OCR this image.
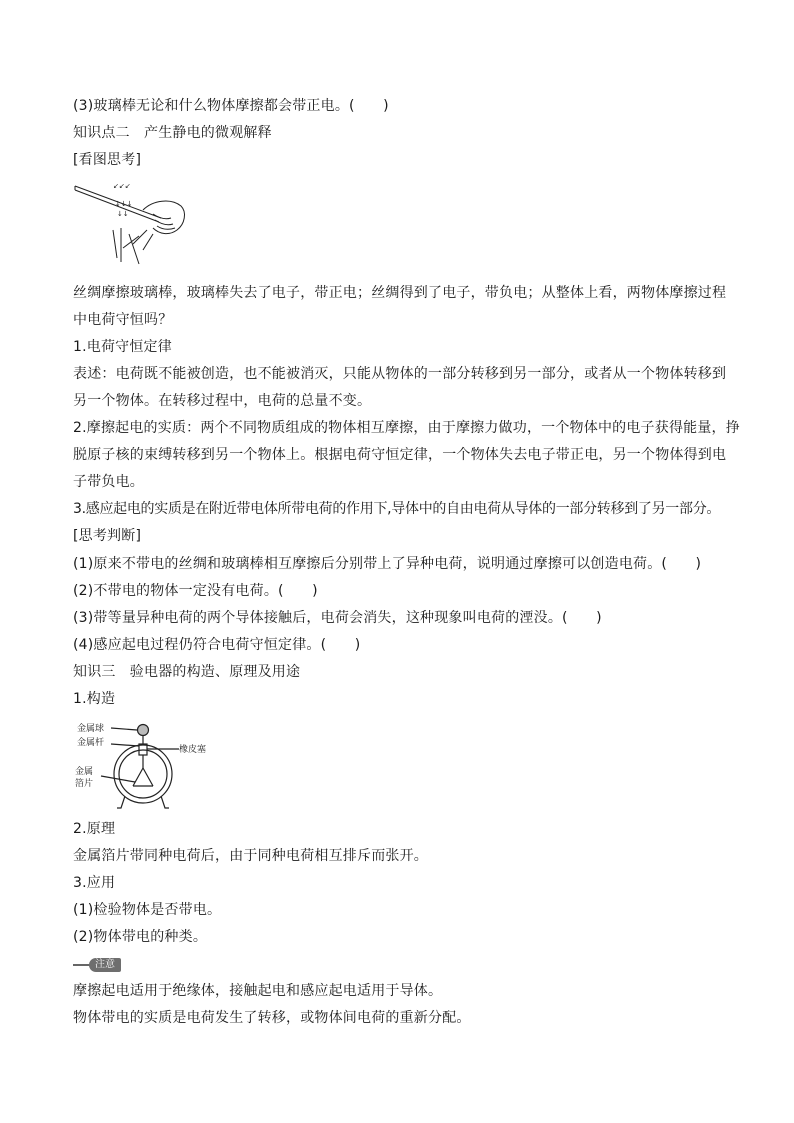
(3)玻璃棒无论和什么物体摩擦都会带正电。(　　)
知识点二　产生静电的微观解释
[看图思考]
↙↙↙
↓↓↓
↓↓
丝绸摩擦玻璃棒，玻璃棒失去了电子，带正电；丝绸得到了电子，带负电；从整体上看，两物体摩擦过程
中电荷守恒吗？
1.电荷守恒定律
表述：电荷既不能被创造，也不能被消灭，只能从物体的一部分转移到另一部分，或者从一个物体转移到
另一个物体。在转移过程中，电荷的总量不变。
2.摩擦起电的实质：两个不同物质组成的物体相互摩擦，由于摩擦力做功，一个物体中的电子获得能量，挣
脱原子核的束缚转移到另一个物体上。根据电荷守恒定律，一个物体失去电子带正电，另一个物体得到电
子带负电。
3.感应起电的实质是在附近带电体所带电荷的作用下,导体中的自由电荷从导体的一部分转移到了另一部分。
[思考判断]
(1)原来不带电的丝绸和玻璃棒相互摩擦后分别带上了异种电荷，说明通过摩擦可以创造电荷。(　　)
(2)不带电的物体一定没有电荷。(　　)
(3)带等量异种电荷的两个导体接触后，电荷会消失，这种现象叫电荷的湮没。(　　)
(4)感应起电过程仍符合电荷守恒定律。(　　)
知识三　验电器的构造、原理及用途
1.构造
金属球
金属杆
橡皮塞
金属
箔片
2.原理
金属箔片带同种电荷后，由于同种电荷相互排斥而张开。
3.应用
(1)检验物体是否带电。
(2)物体带电的种类。
注意
摩擦起电适用于绝缘体，接触起电和感应起电适用于导体。
物体带电的实质是电荷发生了转移，或物体间电荷的重新分配。
